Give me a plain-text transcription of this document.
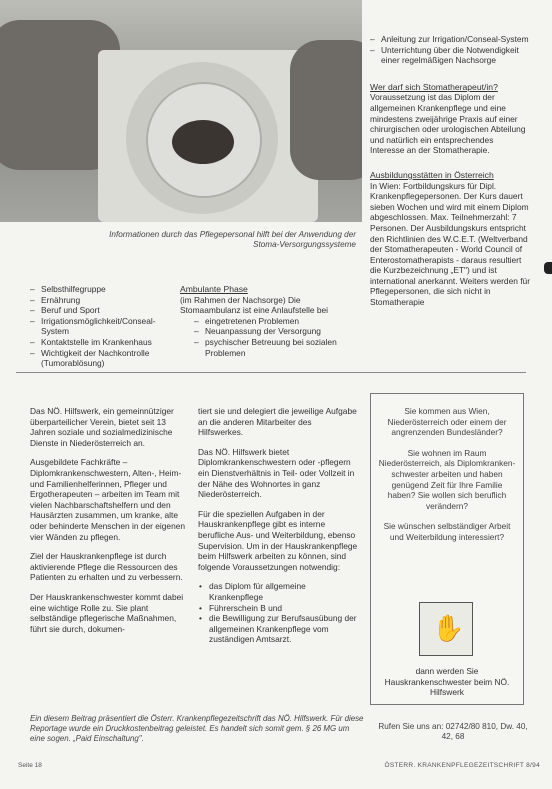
Informationen durch das Pflegepersonal hilft bei der Anwendung der Stoma-Versorgungssysteme
– Anleitung zur Irrigation/Conseal-System
– Unterrichtung über die Notwendigkeit einer regelmäßigen Nachsorge
Wer darf sich Stomatherapeut/in?
Voraussetzung ist das Diplom der allgemeinen Krankenpflege und eine mindestens zweijährige Praxis auf einer chirurgischen oder urologischen Abteilung und natürlich ein entsprechendes Interesse an der Stomatherapie.
Ausbildungsstätten in Österreich
In Wien: Fortbildungskurs für Dipl. Krankenpflegepersonen. Der Kurs dauert sieben Wochen und wird mit einem Diplom abgeschlossen. Max. Teilnehmerzahl: 7 Personen. Der Ausbildungskurs entspricht den Richtlinien des W.C.E.T. (Weltverband der Stomatherapeuten - World Council of Enterostomatherapists - daraus resultiert die Kurzbezeichnung „ET") und ist international anerkannt. Weiters werden für Pflegepersonen, die sich nicht in Stomatherapie
– Selbsthilfegruppe
– Ernährung
– Beruf und Sport
– Irrigationsmöglichkeit/Conseal-System
– Kontaktstelle im Krankenhaus
– Wichtigkeit der Nachkontrolle (Tumorablösung)
Ambulante Phase
(im Rahmen der Nachsorge) Die Stomaambulanz ist eine Anlaufstelle bei
– eingetretenen Problemen
– Neuanpassung der Versorgung
– psychischer Betreuung bei sozialen Problemen

Das NÖ. Hilfswerk, ein gemeinnütziger überparteilicher Verein, bietet seit 13 Jahren soziale und sozialmedizinische Dienste in Niederösterreich an.

Ausgebildete Fachkräfte – Diplomkrankenschwestern, Alten-, Heim- und Familienhelferinnen, Pfleger und Ergotherapeuten – arbeiten im Team mit vielen Nachbarschaftshelfern und den Hausärzten zusammen, um kranke, alte oder behinderte Menschen in der eigenen vier Wänden zu pflegen.

Ziel der Hauskrankenpflege ist durch aktivierende Pflege die Ressourcen des Patienten zu erhalten und zu verbessern.

Der Hauskrankenschwester kommt dabei eine wichtige Rolle zu. Sie plant selbständige pflegerische Maßnahmen, führt sie durch, dokumen-

tiert sie und delegiert die jeweilige Aufgabe an die anderen Mitarbeiter des Hilfswerkes.

Das NÖ. Hilfswerk bietet Diplomkrankenschwestern oder -pflegern ein Dienstverhältnis in Teil- oder Vollzeit in der Nähe des Wohnortes in ganz Niederösterreich.

Für die speziellen Aufgaben in der Hauskrankenpflege gibt es interne berufliche Aus- und Weiterbildung, ebenso Supervision. Um in der Hauskrankenpflege beim Hilfswerk arbeiten zu können, sind folgende Voraussetzungen notwendig:

• das Diplom für allgemeine Krankenpflege
• Führerschein B und
• die Bewilligung zur Berufsausübung der allgemeinen Krankenpflege vom zuständigen Amtsarzt.
Sie kommen aus Wien, Niederösterreich oder einem der angrenzenden Bundesländer?
Sie wohnen im Raum Niederösterreich, als Diplomkranken-schwester arbeiten und haben genügend Zeit für Ihre Familie haben? Sie wollen sich beruflich verändern?
Sie wünschen selbständiger Arbeit und Weiterbildung interessiert?
✋
dann werden Sie Hauskrankenschwester beim NÖ. Hilfswerk
Ein diesem Beitrag präsentiert die Österr. Krankenpflegezeitschrift das NÖ. Hilfswerk. Für diese Reportage wurde ein Druckkostenbeitrag geleistet. Es handelt sich somit gem. § 26 MG um eine sogen. „Paid Einschaltung".
Rufen Sie uns an: 02742/80 810, Dw. 40, 42, 68
Seite 18	ÖSTERR. KRANKENPFLEGEZEITSCHRIFT 8/94
